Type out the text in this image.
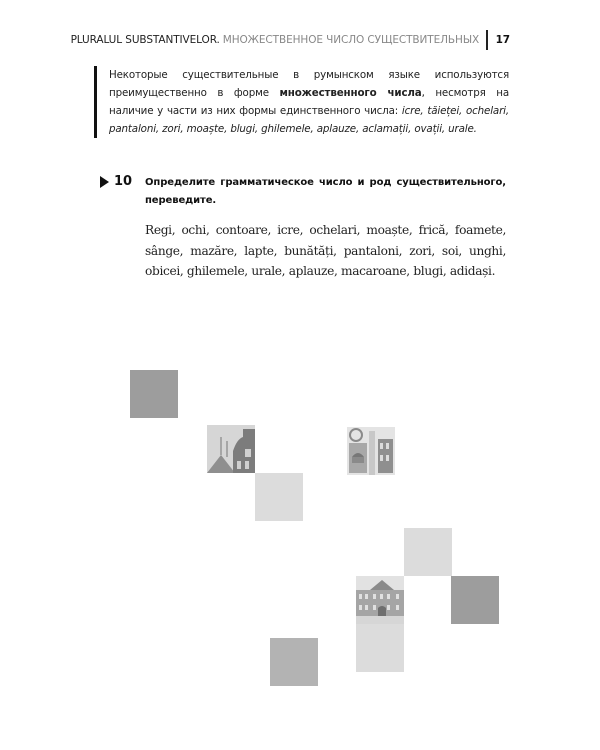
PLURALUL SUBSTANTIVELOR. МНОЖЕСТВЕННОЕ ЧИСЛО СУЩЕСТВИТЕЛЬНЫХ 17

Некоторые существительные в румынском языке используются преимущественно в форме множественного числа, несмотря на наличие у части из них формы единственного числа: icre, tăieței, ochelari, pantaloni, zori, moaște, blugi, ghilemele, aplauze, aclamații, ovații, urale.

10 Определите грамматическое число и род существительного, переведите.
Regi, ochi, contoare, icre, ochelari, moaște, frică, foamete, sânge, mazăre, lapte, bunătăți, pantaloni, zori, soi, unghi, obicei, ghilemele, urale, aplauze, macaroane, blugi, adidași.
